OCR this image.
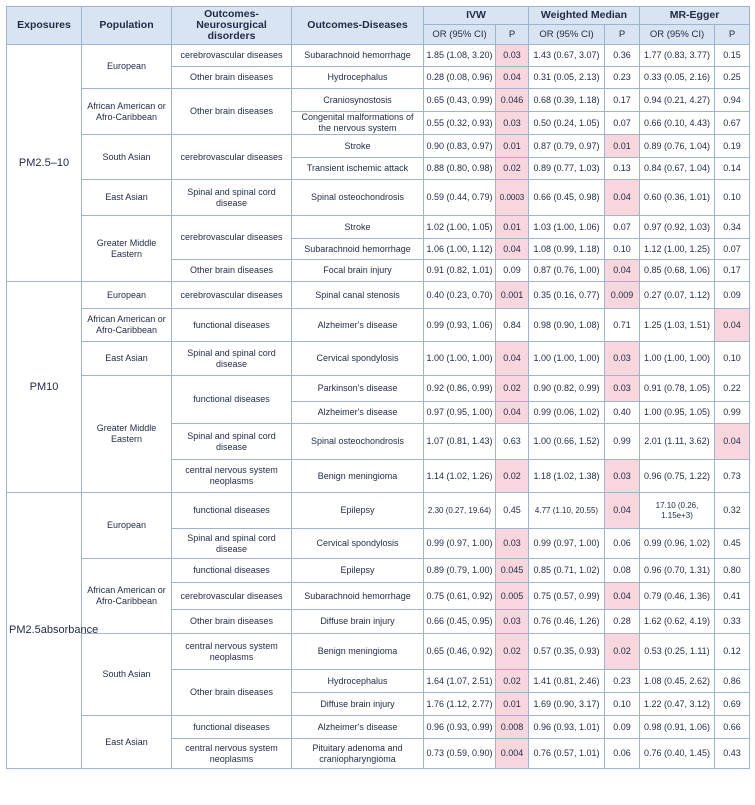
Exposures	Population	Outcomes-Neurosurgical disorders	Outcomes-Diseases	IVW		Weighted Median		MR-Egger	
				OR (95% CI)	P	OR (95% CI)	P	OR (95% CI)	P
PM2.5–10	European	cerebrovascular diseases	Subarachnoid hemorrhage	1.85 (1.08, 3.20)	0.03	1.43 (0.67, 3.07)	0.36	1.77 (0.83, 3.77)	0.15
		Other brain diseases	Hydrocephalus	0.28 (0.08, 0.96)	0.04	0.31 (0.05, 2.13)	0.23	0.33 (0.05, 2.16)	0.25
	African American or Afro-Caribbean	Other brain diseases	Craniosynostosis	0.65 (0.43, 0.99)	0.046	0.68 (0.39, 1.18)	0.17	0.94 (0.21, 4.27)	0.94
			Congenital malformations of the nervous system	0.55 (0.32, 0.93)	0.03	0.50 (0.24, 1.05)	0.07	0.66 (0.10, 4.43)	0.67
	South Asian	cerebrovascular diseases	Stroke	0.90 (0.83, 0.97)	0.01	0.87 (0.79, 0.97)	0.01	0.89 (0.76, 1.04)	0.19
			Transient ischemic attack	0.88 (0.80, 0.98)	0.02	0.89 (0.77, 1.03)	0.13	0.84 (0.67, 1.04)	0.14
	East Asian	Spinal and spinal cord disease	Spinal osteochondrosis	0.59 (0.44, 0.79)	0.0003	0.66 (0.45, 0.98)	0.04	0.60 (0.36, 1.01)	0.10
	Greater Middle Eastern	cerebrovascular diseases	Stroke	1.02 (1.00, 1.05)	0.01	1.03 (1.00, 1.06)	0.07	0.97 (0.92, 1.03)	0.34
			Subarachnoid hemorrhage	1.06 (1.00, 1.12)	0.04	1.08 (0.99, 1.18)	0.10	1.12 (1.00, 1.25)	0.07
		Other brain diseases	Focal brain injury	0.91 (0.82, 1.01)	0.09	0.87 (0.76, 1.00)	0.04	0.85 (0.68, 1.06)	0.17
PM10	European	cerebrovascular diseases	Spinal canal stenosis	0.40 (0.23, 0.70)	0.001	0.35 (0.16, 0.77)	0.009	0.27 (0.07, 1.12)	0.09
	African American or Afro-Caribbean	functional diseases	Alzheimer's disease	0.99 (0.93, 1.06)	0.84	0.98 (0.90, 1.08)	0.71	1.25 (1.03, 1.51)	0.04
	East Asian	Spinal and spinal cord disease	Cervical spondylosis	1.00 (1.00, 1.00)	0.04	1.00 (1.00, 1.00)	0.03	1.00 (1.00, 1.00)	0.10
	Greater Middle Eastern	functional diseases	Parkinson's disease	0.92 (0.86, 0.99)	0.02	0.90 (0.82, 0.99)	0.03	0.91 (0.78, 1.05)	0.22
			Alzheimer's disease	0.97 (0.95, 1.00)	0.04	0.99 (0.06, 1.02)	0.40	1.00 (0.95, 1.05)	0.99
		Spinal and spinal cord disease	Spinal osteochondrosis	1.07 (0.81, 1.43)	0.63	1.00 (0.66, 1.52)	0.99	2.01 (1.11, 3.62)	0.04
		central nervous system neoplasms	Benign meningioma	1.14 (1.02, 1.26)	0.02	1.18 (1.02, 1.38)	0.03	0.96 (0.75, 1.22)	0.73
PM2.5absorbance	European	functional diseases	Epilepsy	2.30 (0.27, 19.64)	0.45	4.77 (1.10, 20.55)	0.04	17.10 (0.26, 1.15e+3)	0.32
		Spinal and spinal cord disease	Cervical spondylosis	0.99 (0.97, 1.00)	0.03	0.99 (0.97, 1.00)	0.06	0.99 (0.96, 1.02)	0.45
	African American or Afro-Caribbean	functional diseases	Epilepsy	0.89 (0.79, 1.00)	0.045	0.85 (0.71, 1.02)	0.08	0.96 (0.70, 1.31)	0.80
		cerebrovascular diseases	Subarachnoid hemorrhage	0.75 (0.61, 0.92)	0.005	0.75 (0.57, 0.99)	0.04	0.79 (0.46, 1.36)	0.41
		Other brain diseases	Diffuse brain injury	0.66 (0.45, 0.95)	0.03	0.76 (0.46, 1.26)	0.28	1.62 (0.62, 4.19)	0.33
	South Asian	central nervous system neoplasms	Benign meningioma	0.65 (0.46, 0.92)	0.02	0.57 (0.35, 0.93)	0.02	0.53 (0.25, 1.11)	0.12
		Other brain diseases	Hydrocephalus	1.64 (1.07, 2.51)	0.02	1.41 (0.81, 2.46)	0.23	1.08 (0.45, 2.62)	0.86
			Diffuse brain injury	1.76 (1.12, 2.77)	0.01	1.69 (0.90, 3.17)	0.10	1.22 (0.47, 3.12)	0.69
	East Asian	functional diseases	Alzheimer's disease	0.96 (0.93, 0.99)	0.008	0.96 (0.93, 1.01)	0.09	0.98 (0.91, 1.06)	0.66
		central nervous system neoplasms	Pituitary adenoma and craniopharyngioma	0.73 (0.59, 0.90)	0.004	0.76 (0.57, 1.01)	0.06	0.76 (0.40, 1.45)	0.43
